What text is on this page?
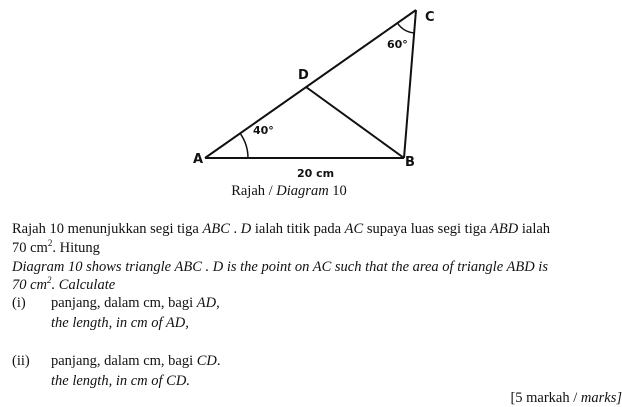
A	B
C
D
40°
60°
20 cm
Rajah / Diagram 10
Rajah 10 menunjukkan segi tiga ABC . D ialah titik pada AC supaya luas segi tiga ABD ialah
70 $cm^2$. Hitung
Diagram 10 shows triangle ABC . D is the point on AC such that the area of triangle ABD is
70 $cm^2$. Calculate
(i) panjang, dalam cm, bagi AD,
the length, in cm of AD,
(ii) panjang, dalam cm, bagi CD.
the length, in cm of CD.
[5 markah / marks]
